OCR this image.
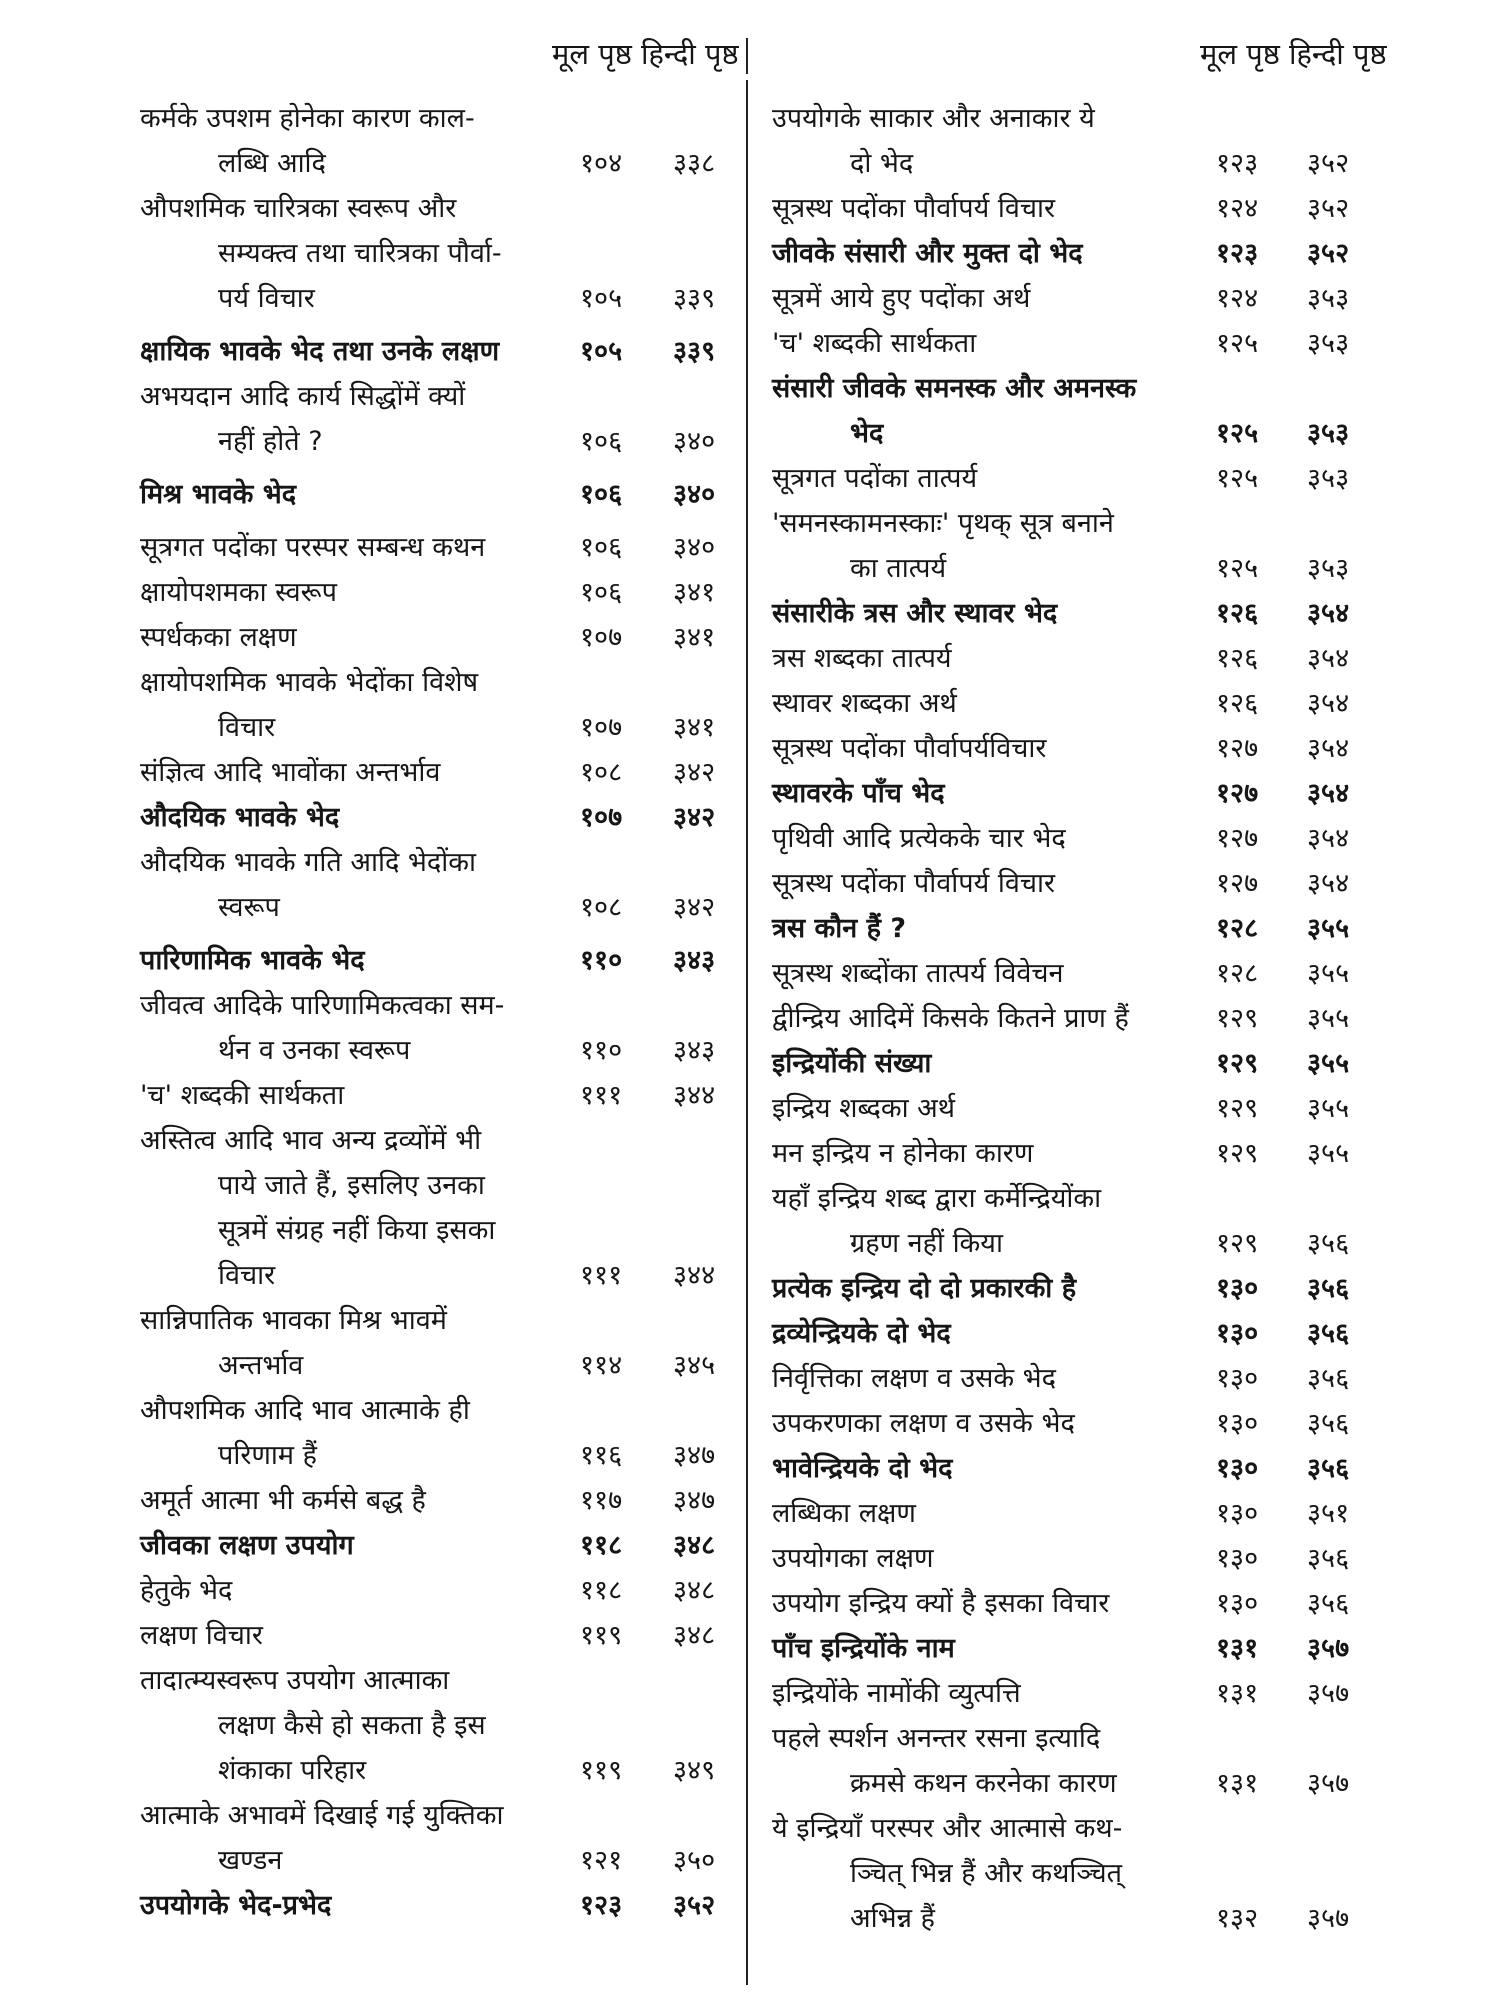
मूल पृष्ठ हिन्दी पृष्ठ	मूल पृष्ठ हिन्दी पृष्ठ
कर्मके उपशम होनेका कारण काल-
लब्धि आदि	१०४ ३३८
औपशमिक चारित्रका स्वरूप और
सम्यक्त्व तथा चारित्रका पौर्वा-
पर्य विचार	१०५ ३३९
क्षायिक भावके भेद तथा उनके लक्षण	१०५ ३३९
अभयदान आदि कार्य सिद्धोंमें क्यों
नहीं होते ?	१०६ ३४०
मिश्र भावके भेद	१०६ ३४०
सूत्रगत पदोंका परस्पर सम्बन्ध कथन	१०६ ३४०
क्षायोपशमका स्वरूप	१०६ ३४१
स्पर्धकका लक्षण	१०७ ३४१
क्षायोपशमिक भावके भेदोंका विशेष
विचार	१०७ ३४१
संज्ञित्व आदि भावोंका अन्तर्भाव	१०८ ३४२
औदयिक भावके भेद	१०७ ३४२
औदयिक भावके गति आदि भेदोंका
स्वरूप	१०८ ३४२
पारिणामिक भावके भेद	११० ३४३
जीवत्व आदिके पारिणामिकत्वका सम-
र्थन व उनका स्वरूप	११० ३४३
'च' शब्दकी सार्थकता	१११ ३४४
अस्तित्व आदि भाव अन्य द्रव्योंमें भी
पाये जाते हैं, इसलिए उनका
सूत्रमें संग्रह नहीं किया इसका
विचार	१११ ३४४
सान्निपातिक भावका मिश्र भावमें
अन्तर्भाव	११४ ३४५
औपशमिक आदि भाव आत्माके ही
परिणाम हैं	११६ ३४७
अमूर्त आत्मा भी कर्मसे बद्ध है	११७ ३४७
जीवका लक्षण उपयोग	११८ ३४८
हेतुके भेद	११८ ३४८
लक्षण विचार	११९ ३४८
तादात्म्यस्वरूप उपयोग आत्माका
लक्षण कैसे हो सकता है इस
शंकाका परिहार	११९ ३४९
आत्माके अभावमें दिखाई गई युक्तिका
खण्डन	१२१ ३५०
उपयोगके भेद-प्रभेद	१२३ ३५२
उपयोगके साकार और अनाकार ये
दो भेद	१२३ ३५२
सूत्रस्थ पदोंका पौर्वापर्य विचार	१२४ ३५२
जीवके संसारी और मुक्त दो भेद	१२३ ३५२
सूत्रमें आये हुए पदोंका अर्थ	१२४ ३५३
'च' शब्दकी सार्थकता	१२५ ३५३
संसारी जीवके समनस्क और अमनस्क
भेद	१२५ ३५३
सूत्रगत पदोंका तात्पर्य	१२५ ३५३
'समनस्कामनस्काः' पृथक् सूत्र बनाने
का तात्पर्य	१२५ ३५३
संसारीके त्रस और स्थावर भेद	१२६ ३५४
त्रस शब्दका तात्पर्य	१२६ ३५४
स्थावर शब्दका अर्थ	१२६ ३५४
सूत्रस्थ पदोंका पौर्वापर्यविचार	१२७ ३५४
स्थावरके पाँच भेद	१२७ ३५४
पृथिवी आदि प्रत्येकके चार भेद	१२७ ३५४
सूत्रस्थ पदोंका पौर्वापर्य विचार	१२७ ३५४
त्रस कौन हैं ?	१२८ ३५५
सूत्रस्थ शब्दोंका तात्पर्य विवेचन	१२८ ३५५
द्वीन्द्रिय आदिमें किसके कितने प्राण हैं	१२९ ३५५
इन्द्रियोंकी संख्या	१२९ ३५५
इन्द्रिय शब्दका अर्थ	१२९ ३५५
मन इन्द्रिय न होनेका कारण	१२९ ३५५
यहाँ इन्द्रिय शब्द द्वारा कर्मेन्द्रियोंका
ग्रहण नहीं किया	१२९ ३५६
प्रत्येक इन्द्रिय दो दो प्रकारकी है	१३० ३५६
द्रव्येन्द्रियके दो भेद	१३० ३५६
निर्वृत्तिका लक्षण व उसके भेद	१३० ३५६
उपकरणका लक्षण व उसके भेद	१३० ३५६
भावेन्द्रियके दो भेद	१३० ३५६
लब्धिका लक्षण	१३० ३५१
उपयोगका लक्षण	१३० ३५६
उपयोग इन्द्रिय क्यों है इसका विचार	१३० ३५६
पाँच इन्द्रियोंके नाम	१३१ ३५७
इन्द्रियोंके नामोंकी व्युत्पत्ति	१३१ ३५७
पहले स्पर्शन अनन्तर रसना इत्यादि
क्रमसे कथन करनेका कारण	१३१ ३५७
ये इन्द्रियाँ परस्पर और आत्मासे कथ-
ञ्चित् भिन्न हैं और कथञ्चित्
अभिन्न हैं	१३२ ३५७
